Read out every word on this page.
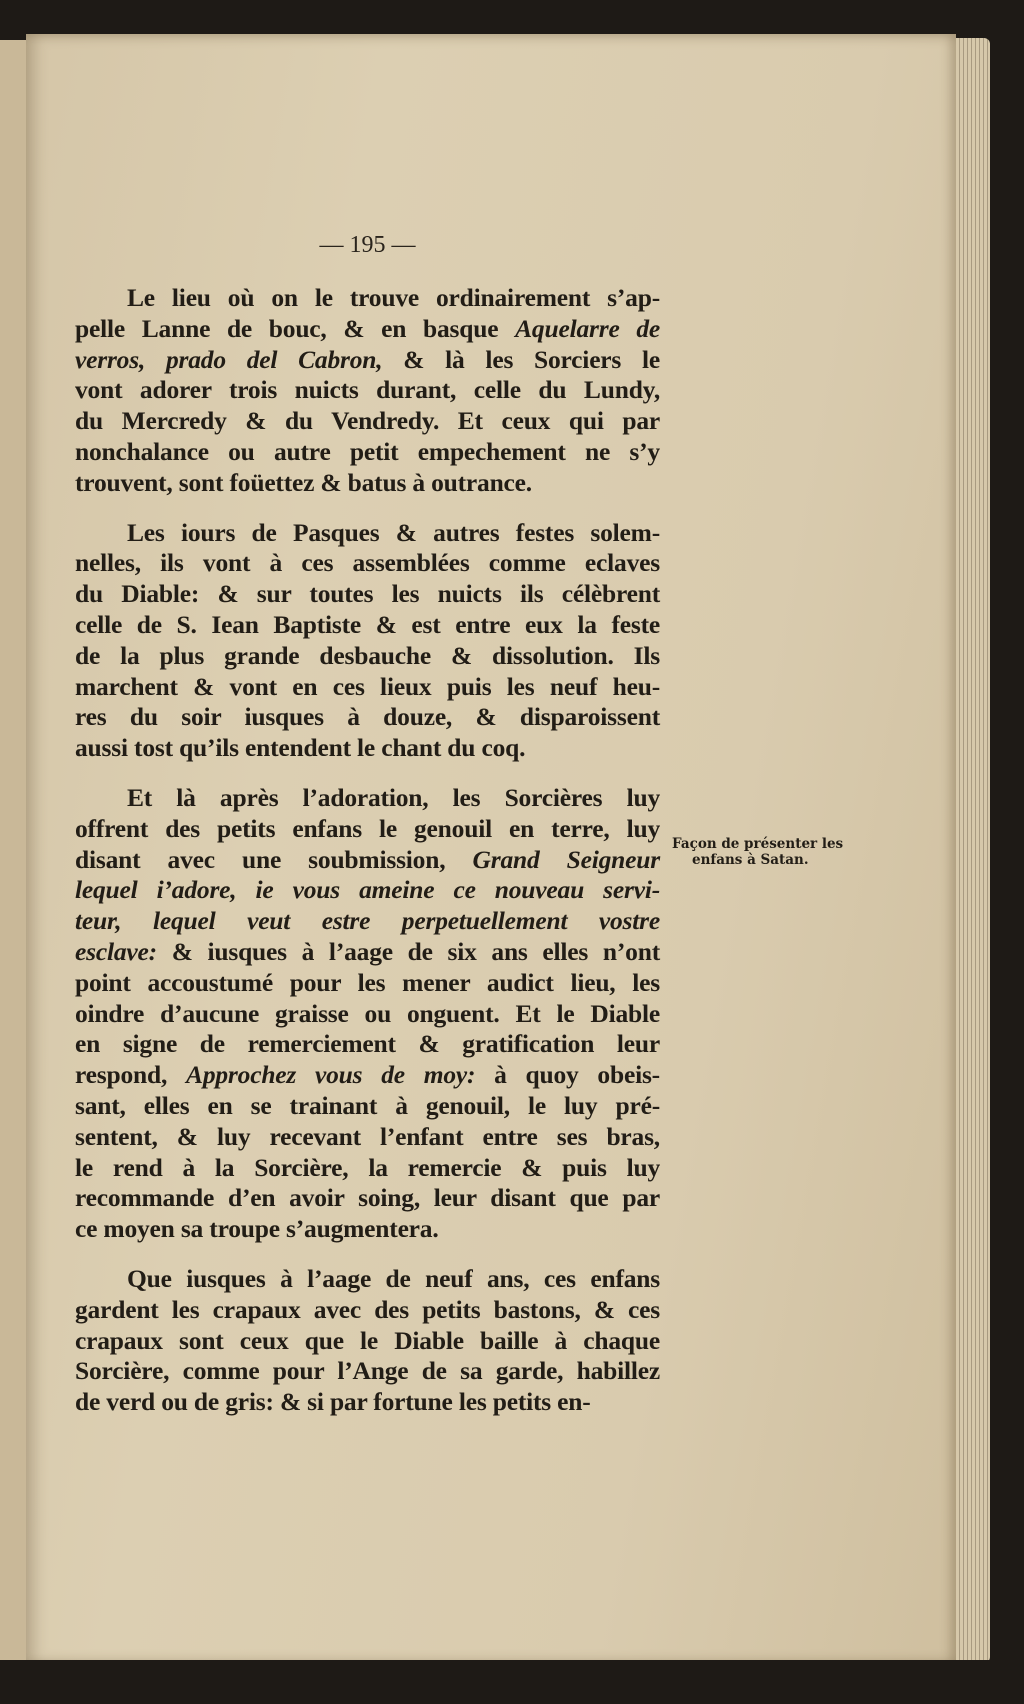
— 195 —
Le lieu où on le trouve ordinairement s’ap-
pelle Lanne de bouc, & en basque Aquelarre de
verros, prado del Cabron, & là les Sorciers le
vont adorer trois nuicts durant, celle du Lundy,
du Mercredy & du Vendredy. Et ceux qui par
nonchalance ou autre petit empechement ne s’y
trouvent, sont foüettez & batus à outrance.
Les iours de Pasques & autres festes solem-
nelles, ils vont à ces assemblées comme eclaves
du Diable: & sur toutes les nuicts ils célèbrent
celle de S. Iean Baptiste & est entre eux la feste
de la plus grande desbauche & dissolution. Ils
marchent & vont en ces lieux puis les neuf heu-
res du soir iusques à douze, & disparoissent
aussi tost qu’ils entendent le chant du coq.
Et là après l’adoration, les Sorcières luy
offrent des petits enfans le genouil en terre, luy
disant avec une soubmission, Grand Seigneur
lequel i’adore, ie vous ameine ce nouveau servi-
teur, lequel veut estre perpetuellement vostre
esclave: & iusques à l’aage de six ans elles n’ont
point accoustumé pour les mener audict lieu, les
oindre d’aucune graisse ou onguent. Et le Diable
en signe de remerciement & gratification leur
respond, Approchez vous de moy: à quoy obeis-
sant, elles en se trainant à genouil, le luy pré-
sentent, & luy recevant l’enfant entre ses bras,
le rend à la Sorcière, la remercie & puis luy
recommande d’en avoir soing, leur disant que par
ce moyen sa troupe s’augmentera.
Que iusques à l’aage de neuf ans, ces enfans
gardent les crapaux avec des petits bastons, & ces
crapaux sont ceux que le Diable baille à chaque
Sorcière, comme pour l’Ange de sa garde, habillez
de verd ou de gris: & si par fortune les petits en-
Façon de présenter les
enfans à Satan.
